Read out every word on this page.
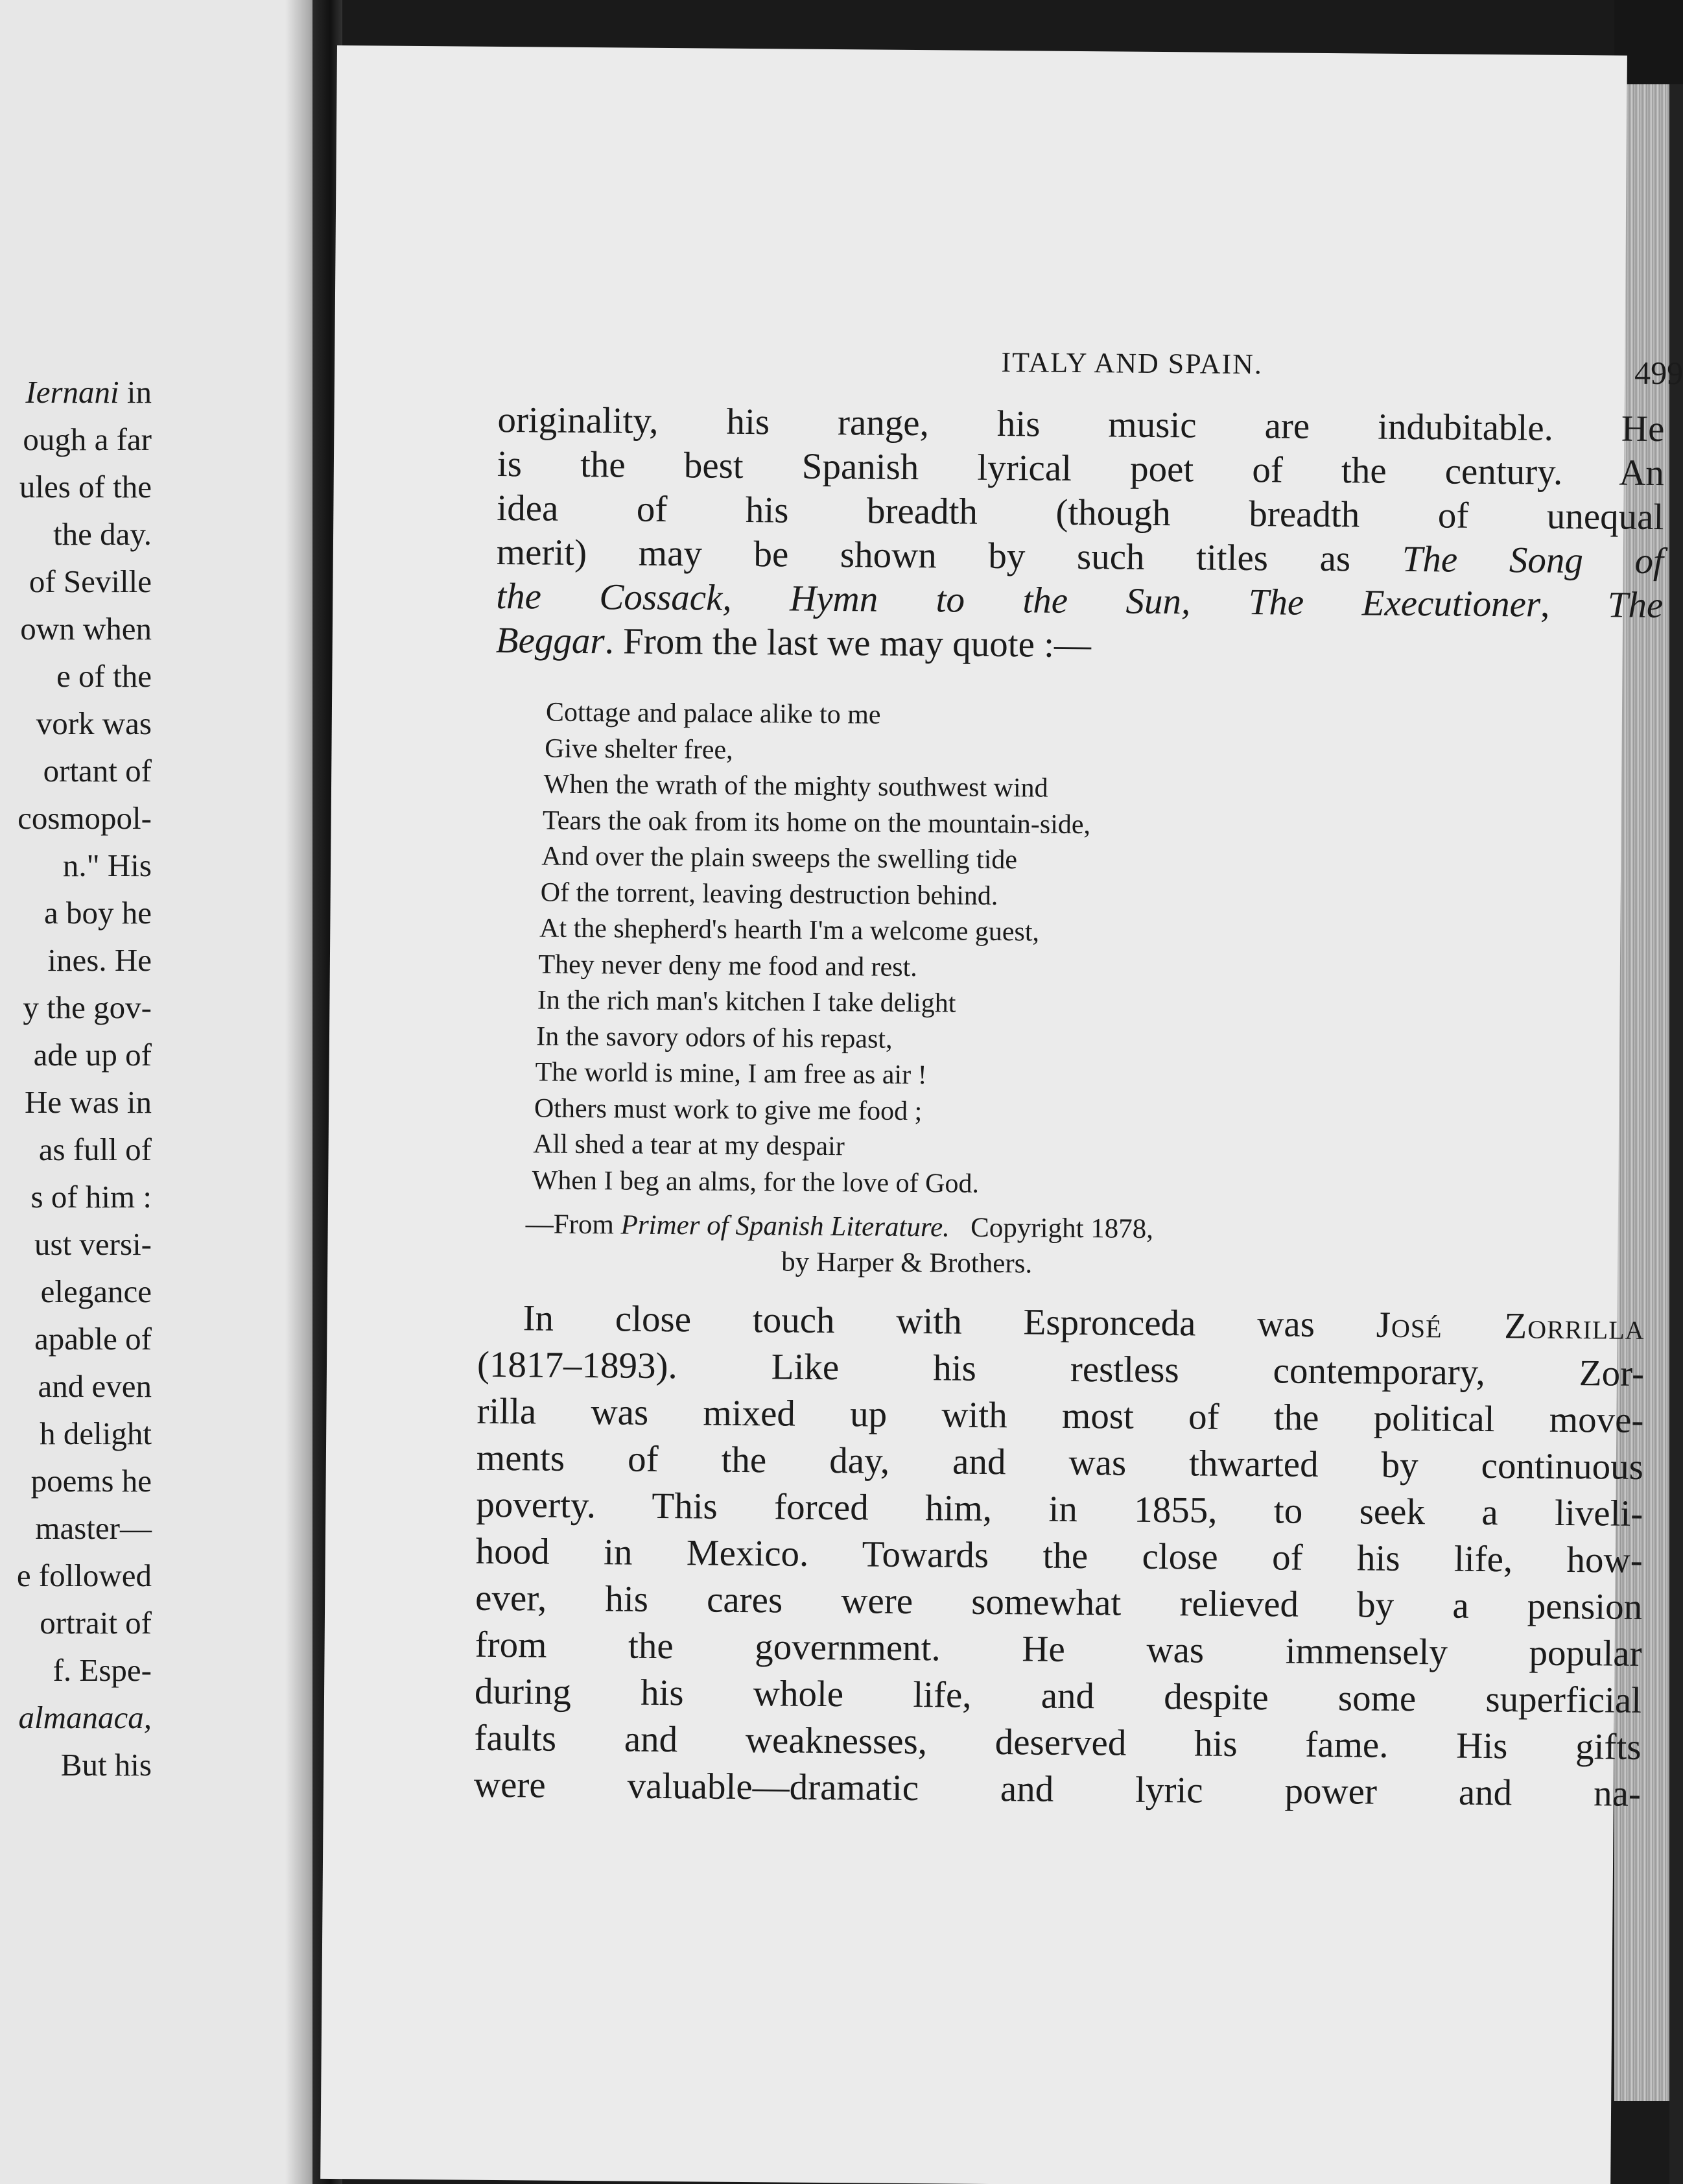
Iernani in
ough a far
ules of the
the day.
of Seville
own when
e of the
vork was
ortant of
cosmopol-
n." His
a boy he
ines. He
y the gov-
ade up of
He was in
as full of
s of him :
ust versi-
elegance
apable of
and even
h delight
poems he
master—
e followed
ortrait of
f. Espe-
almanaca,
But his
ITALY AND SPAIN.	499
originality, his range, his music are indubitable. He
is the best Spanish lyrical poet of the century. An
idea of his breadth (though breadth of unequal
merit) may be shown by such titles as The Song of
the Cossack, Hymn to the Sun, The Executioner, The
Beggar. From the last we may quote :—
Cottage and palace alike to me
Give shelter free,
When the wrath of the mighty southwest wind
Tears the oak from its home on the mountain-side,
And over the plain sweeps the swelling tide
Of the torrent, leaving destruction behind.
At the shepherd's hearth I'm a welcome guest,
They never deny me food and rest.
In the rich man's kitchen I take delight
In the savory odors of his repast,
The world is mine, I am free as air !
Others must work to give me food ;
All shed a tear at my despair
When I beg an alms, for the love of God.
—From Primer of Spanish Literature. Copyright 1878,
by Harper & Brothers.
In close touch with Espronceda was José Zorrilla
(1817–1893). Like his restless contemporary, Zor-
rilla was mixed up with most of the political move-
ments of the day, and was thwarted by continuous
poverty. This forced him, in 1855, to seek a liveli-
hood in Mexico. Towards the close of his life, how-
ever, his cares were somewhat relieved by a pension
from the government. He was immensely popular
during his whole life, and despite some superficial
faults and weaknesses, deserved his fame. His gifts
were valuable—dramatic and lyric power and na-
